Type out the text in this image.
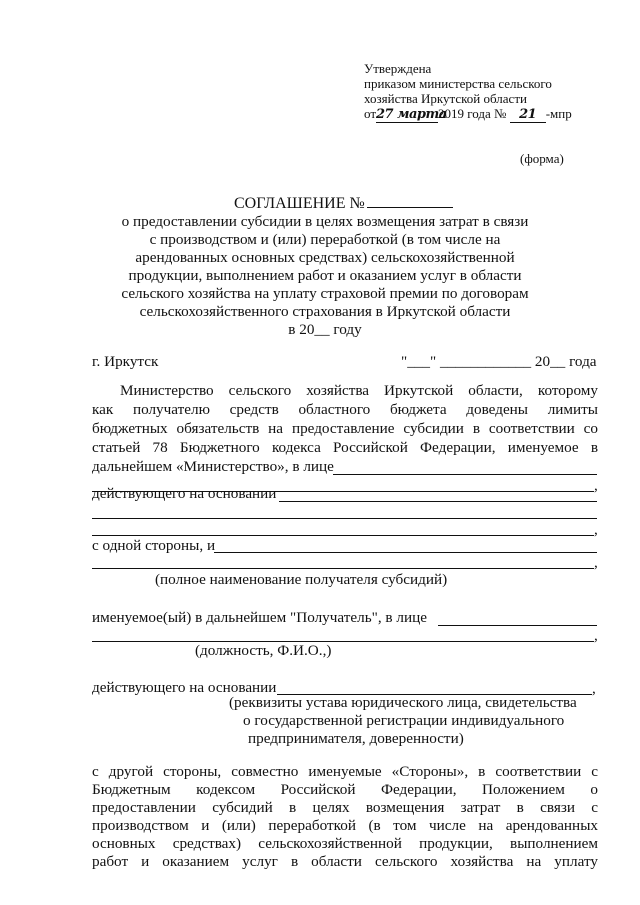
Утверждена
приказом министерства сельского
хозяйства Иркутской области
от27 марта2019 года № 21 -мпр
(форма)
СОГЛАШЕНИЕ №
о предоставлении субсидии в целях возмещения затрат в связи
с производством и (или) переработкой (в том числе на
арендованных основных средствах) сельскохозяйственной
продукции, выполнением работ и оказанием услуг в области
сельского хозяйства на уплату страховой премии по договорам
сельскохозяйственного страхования в Иркутской области
в 20__ году
г. Иркутск	"___" ____________ 20__ года
Министерство сельского хозяйства Иркутской области, которому
как получателю средств областного бюджета доведены лимиты
бюджетных обязательств на предоставление субсидии в соответствии со
статьей 78 Бюджетного кодекса Российской Федерации, именуемое в
дальнейшем «Министерство», в лице
,
действующего на основании
,
с одной стороны, и
,
(полное наименование получателя субсидий)
именуемое(ый) в дальнейшем "Получатель", в лице
,
(должность, Ф.И.О.,)
действующего на основании	,
(реквизиты устава юридического лица, свидетельства
о государственной регистрации индивидуального
предпринимателя, доверенности)
с другой стороны, совместно именуемые «Стороны», в соответствии с
Бюджетным кодексом Российской Федерации, Положением о
предоставлении субсидий в целях возмещения затрат в связи с
производством и (или) переработкой (в том числе на арендованных
основных средствах) сельскохозяйственной продукции, выполнением
работ и оказанием услуг в области сельского хозяйства на уплату
